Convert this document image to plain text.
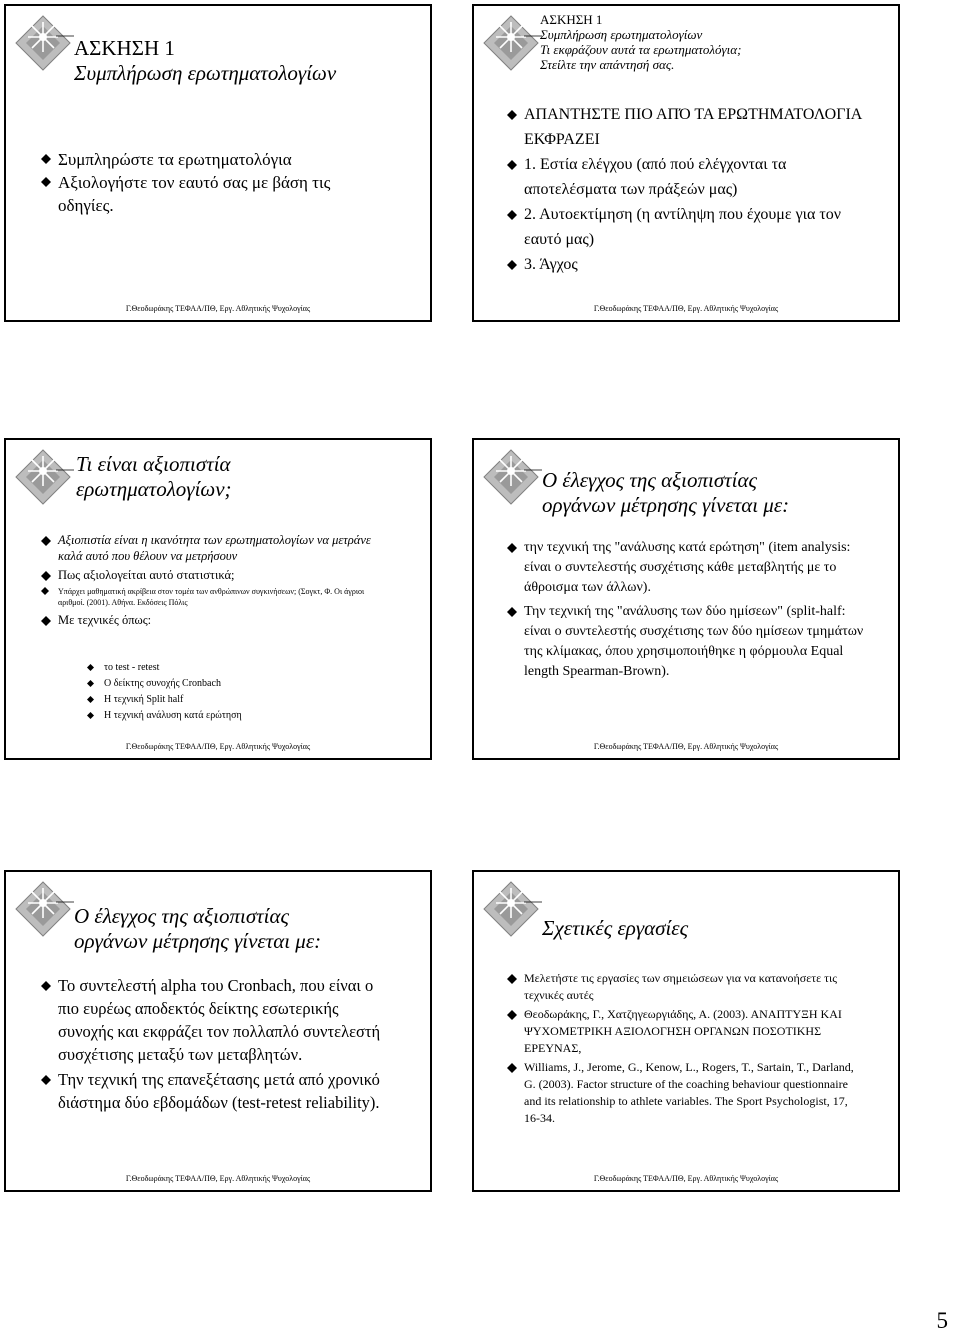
ΑΣΚΗΣΗ 1
Συμπλήρωση ερωτηματολογίων
Συμπληρώστε τα ερωτηματολόγια
Αξιολογήστε τον εαυτό σας με βάση τις οδηγίες.
Γ.Θεοδωράκης ΤΕΦΑΑ/ΠΘ, Εργ. Αθλητικής Ψυχολογίας
ΑΣΚΗΣΗ 1
Συμπλήρωση ερωτηματολογίων
Τι εκφράζουν αυτά τα ερωτηματολόγια;
Στείλτε την απάντησή σας.
ΑΠΑΝΤΗΣΤΕ ΠΙΟ ΑΠΌ ΤΑ ΕΡΩΤΗΜΑΤΟΛΟΓΙΑ ΕΚΦΡΑΖΕΙ
1. Εστία ελέγχου (από πού ελέγχονται τα αποτελέσματα των πράξεών μας)
2. Αυτοεκτίμηση (η αντίληψη που έχουμε για τον εαυτό μας)
3. Άγχος
Γ.Θεοδωράκης ΤΕΦΑΑ/ΠΘ, Εργ. Αθλητικής Ψυχολογίας
Τι είναι αξιοπιστία
ερωτηματολογίων;
Αξιοπιστία είναι η ικανότητα των ερωτηματολογίων να μετράνε καλά αυτό που θέλουν να μετρήσουν
Πως αξιολογείται αυτό στατιστικά;
Υπάρχει μαθηματική ακρίβεια στον τομέα των ανθρώπινων συγκινήσεων; (Σογκτ, Φ. Οι άγριοι αριθμοί. (2001). Αθήνα. Εκδόσεις Πόλις
Με τεχνικές όπως:
το test - retest
Ο δείκτης συνοχής Cronbach
Η τεχνική Split half
Η τεχνική ανάλυση κατά ερώτηση
Γ.Θεοδωράκης ΤΕΦΑΑ/ΠΘ, Εργ. Αθλητικής Ψυχολογίας
Ο έλεγχος της αξιοπιστίας
οργάνων μέτρησης γίνεται με:
την τεχνική της "ανάλυσης κατά ερώτηση" (item analysis: είναι ο συντελεστής συσχέτισης κάθε μεταβλητής με το άθροισμα των άλλων).
Την τεχνική της "ανάλυσης των δύο ημίσεων" (split-half: είναι ο συντελεστής συσχέτισης των δύο ημίσεων τμημάτων της κλίμακας, όπου χρησιμοποιήθηκε η φόρμουλα Equal length Spearman-Brown).
Γ.Θεοδωράκης ΤΕΦΑΑ/ΠΘ, Εργ. Αθλητικής Ψυχολογίας
Ο έλεγχος της αξιοπιστίας
οργάνων μέτρησης γίνεται με:
Το συντελεστή alpha του Cronbach, που είναι ο πιο ευρέως αποδεκτός δείκτης εσωτερικής συνοχής και εκφράζει τον πολλαπλό συντελεστή συσχέτισης μεταξύ των μεταβλητών.
Την τεχνική της επανεξέτασης μετά από χρονικό διάστημα δύο εβδομάδων (test-retest reliability).
Γ.Θεοδωράκης ΤΕΦΑΑ/ΠΘ, Εργ. Αθλητικής Ψυχολογίας
Σχετικές εργασίες
Μελετήστε τις εργασίες των σημειώσεων για να κατανοήσετε τις τεχνικές αυτές
Θεοδωράκης, Γ., Χατζηγεωργιάδης, Α. (2003). ΑΝΑΠΤΥΞΗ ΚΑΙ ΨΥΧΟΜΕΤΡΙΚΗ ΑΞΙΟΛΟΓΗΣΗ ΟΡΓΑΝΩΝ ΠΟΣΟΤΙΚΗΣ ΕΡΕΥΝΑΣ,
Williams, J., Jerome, G., Kenow, L., Rogers, T., Sartain, T., Darland, G. (2003). Factor structure of the coaching behaviour questionnaire and its relationship to athlete variables. The Sport Psychologist, 17, 16-34.
Γ.Θεοδωράκης ΤΕΦΑΑ/ΠΘ, Εργ. Αθλητικής Ψυχολογίας
5
